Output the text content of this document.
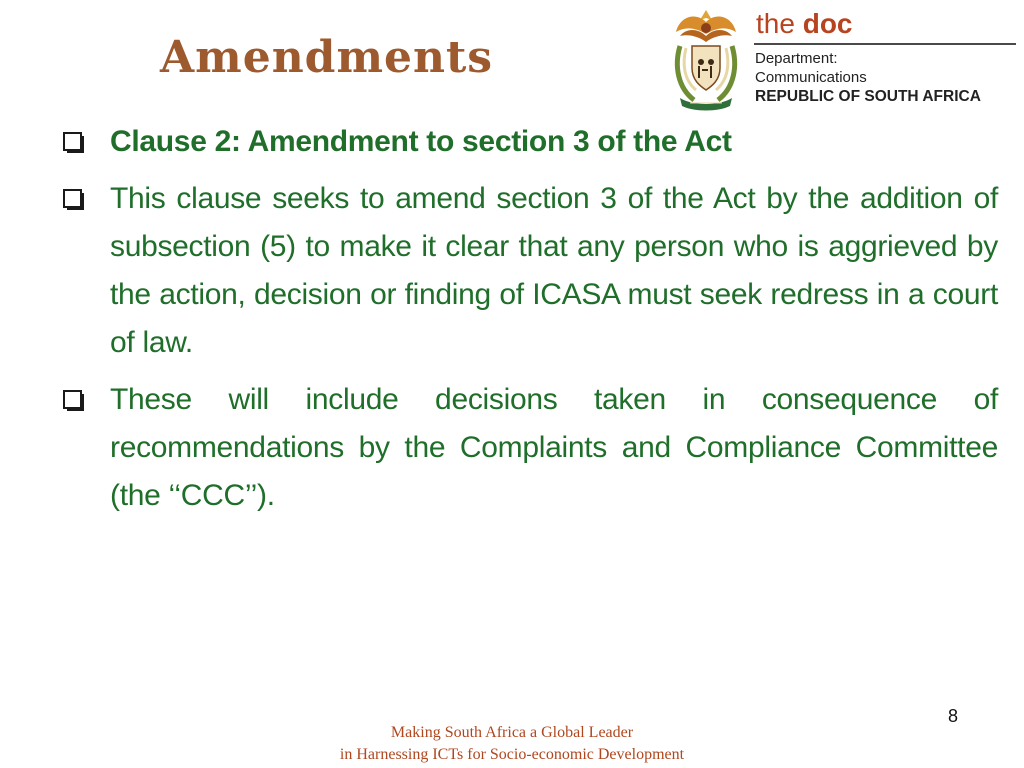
Amendments
the doc
Department:
Communications
REPUBLIC OF SOUTH AFRICA
Clause 2: Amendment to section 3 of the Act
This clause seeks to amend section 3 of the Act by the addition of subsection (5) to make it clear that any person who is aggrieved by the action, decision or finding of ICASA must seek redress in a court of law.
These will include decisions taken in consequence of recommendations by the Complaints and Compliance Committee (the ‘‘CCC’’).
8
Making South Africa a Global Leader
in Harnessing ICTs for Socio-economic Development
